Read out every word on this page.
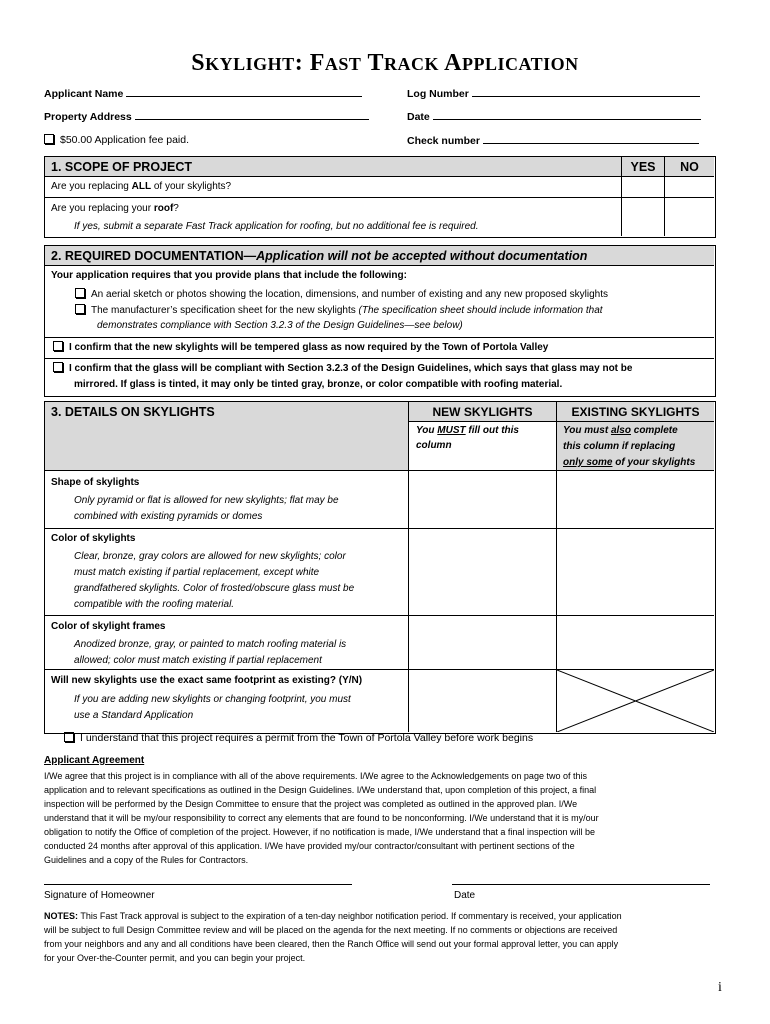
SKYLIGHT: FAST TRACK APPLICATION
Applicant Name
Property Address
$50.00 Application fee paid.
Log Number
Date
Check number
1. SCOPE OF PROJECT	YES	NO
Are you replacing ALL of your skylights?
Are you replacing your roof?
If yes, submit a separate Fast Track application for roofing, but no additional fee is required.
2. REQUIRED DOCUMENTATION—Application will not be accepted without documentation
Your application requires that you provide plans that include the following:
An aerial sketch or photos showing the location, dimensions, and number of existing and any new proposed skylights
The manufacturer’s specification sheet for the new skylights (The specification sheet should include information that
demonstrates compliance with Section 3.2.3 of the Design Guidelines—see below)
I confirm that the new skylights will be tempered glass as now required by the Town of Portola Valley
I confirm that the glass will be compliant with Section 3.2.3 of the Design Guidelines, which says that glass may not be
mirrored. If glass is tinted, it may only be tinted gray, bronze, or color compatible with roofing material.
3. DETAILS ON SKYLIGHTS	NEW SKYLIGHTS	EXISTING SKYLIGHTS
You MUST fill out this
column
You must also complete
this column if replacing
only some of your skylights
Shape of skylights
Only pyramid or flat is allowed for new skylights; flat may be
combined with existing pyramids or domes
Color of skylights
Clear, bronze, gray colors are allowed for new skylights; color
must match existing if partial replacement, except white
grandfathered skylights. Color of frosted/obscure glass must be
compatible with the roofing material.
Color of skylight frames
Anodized bronze, gray, or painted to match roofing material is
allowed; color must match existing if partial replacement
Will new skylights use the exact same footprint as existing? (Y/N)
If you are adding new skylights or changing footprint, you must
use a Standard Application
I understand that this project requires a permit from the Town of Portola Valley before work begins
Applicant Agreement
I/We agree that this project is in compliance with all of the above requirements. I/We agree to the Acknowledgements on page two of this
application and to relevant specifications as outlined in the Design Guidelines. I/We understand that, upon completion of this project, a final
inspection will be performed by the Design Committee to ensure that the project was completed as outlined in the approved plan. I/We
understand that it will be my/our responsibility to correct any elements that are found to be nonconforming. I/We understand that it is my/our
obligation to notify the Office of completion of the project. However, if no notification is made, I/We understand that a final inspection will be
conducted 24 months after approval of this application. I/We have provided my/our contractor/consultant with pertinent sections of the
Guidelines and a copy of the Rules for Contractors.
Signature of Homeowner	Date
NOTES: This Fast Track approval is subject to the expiration of a ten-day neighbor notification period. If commentary is received, your application
will be subject to full Design Committee review and will be placed on the agenda for the next meeting. If no comments or objections are received
from your neighbors and any and all conditions have been cleared, then the Ranch Office will send out your formal approval letter, you can apply
for your Over-the-Counter permit, and you can begin your project.
i
